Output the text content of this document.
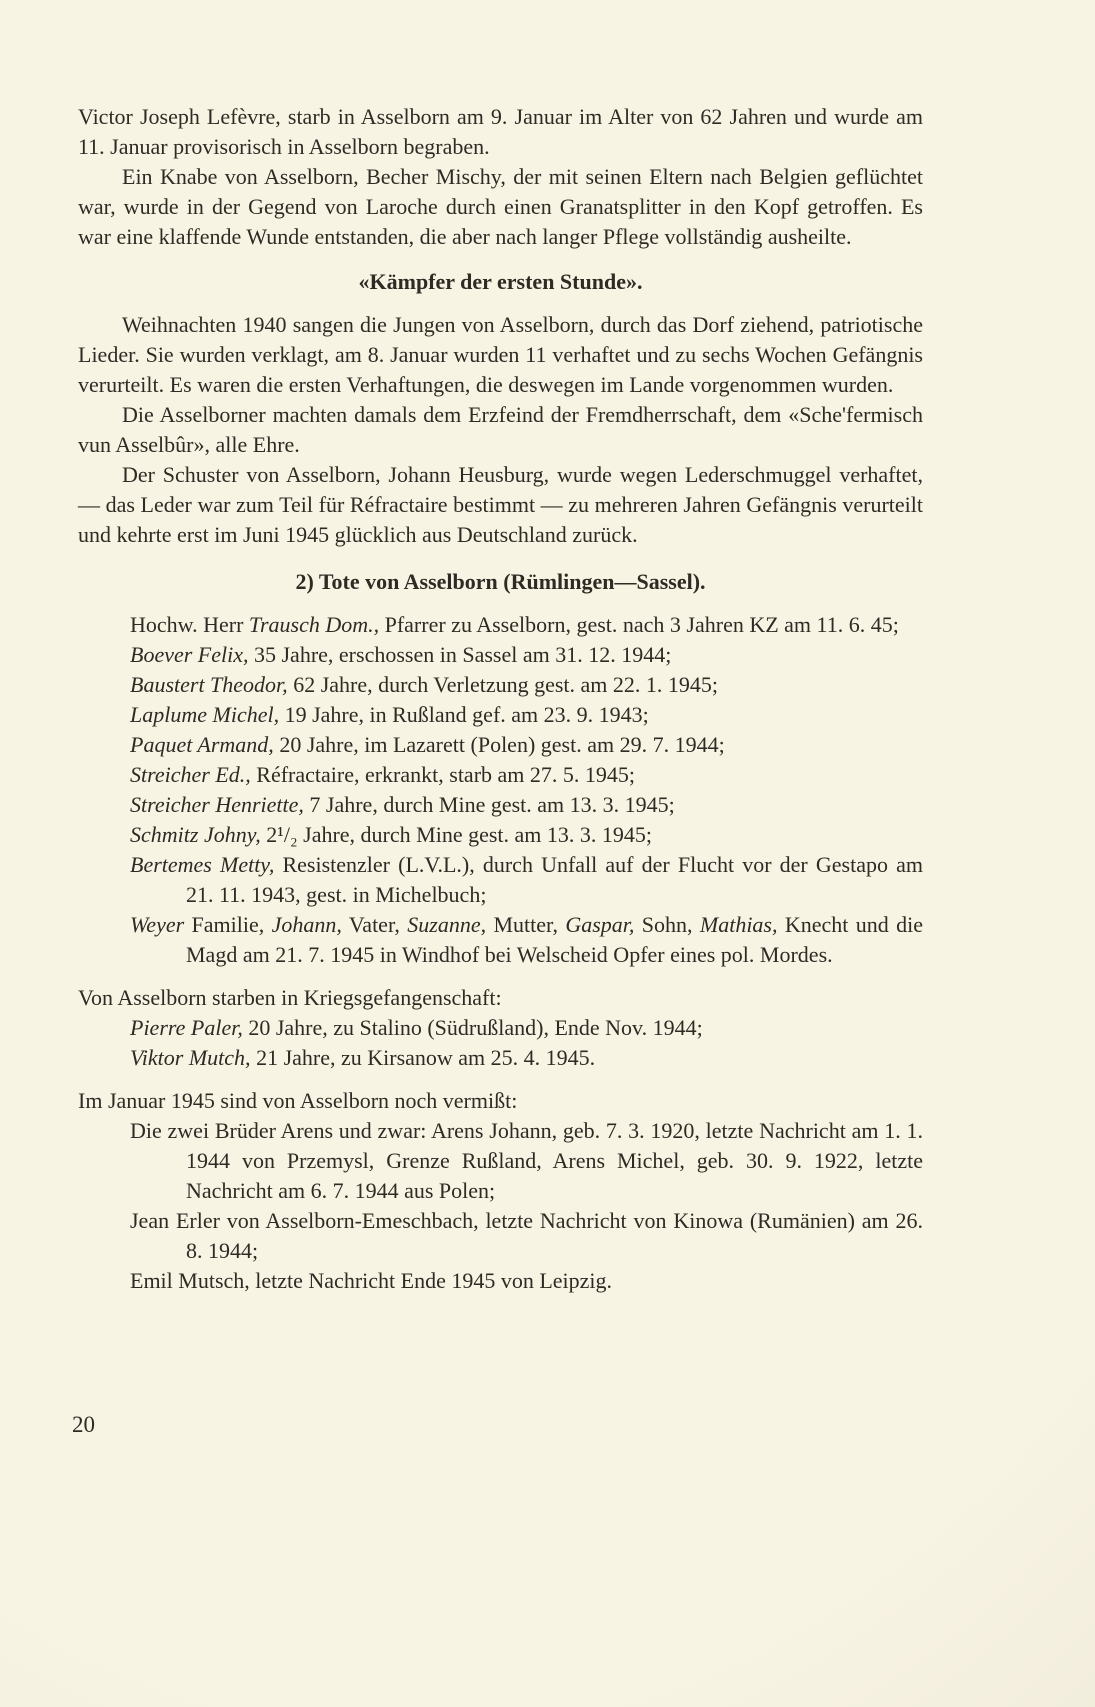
Victor Joseph Lefèvre, starb in Asselborn am 9. Januar im Alter von 62 Jahren und wurde am 11. Januar provisorisch in Asselborn begraben.

Ein Knabe von Asselborn, Becher Mischy, der mit seinen Eltern nach Belgien geflüchtet war, wurde in der Gegend von Laroche durch einen Granatsplitter in den Kopf getroffen. Es war eine klaffende Wunde entstanden, die aber nach langer Pflege vollständig ausheilte.

«Kämpfer der ersten Stunde».

Weihnachten 1940 sangen die Jungen von Asselborn, durch das Dorf ziehend, patriotische Lieder. Sie wurden verklagt, am 8. Januar wurden 11 verhaftet und zu sechs Wochen Gefängnis verurteilt. Es waren die ersten Verhaftungen, die deswegen im Lande vorgenommen wurden.

Die Asselborner machten damals dem Erzfeind der Fremdherrschaft, dem «Sche'fermisch vun Asselbûr», alle Ehre.

Der Schuster von Asselborn, Johann Heusburg, wurde wegen Lederschmuggel verhaftet, — das Leder war zum Teil für Réfractaire bestimmt — zu mehreren Jahren Gefängnis verurteilt und kehrte erst im Juni 1945 glücklich aus Deutschland zurück.

2) Tote von Asselborn (Rümlingen—Sassel).

Hochw. Herr Trausch Dom., Pfarrer zu Asselborn, gest. nach 3 Jahren KZ am 11. 6. 45;

Boever Felix, 35 Jahre, erschossen in Sassel am 31. 12. 1944;

Baustert Theodor, 62 Jahre, durch Verletzung gest. am 22. 1. 1945;

Laplume Michel, 19 Jahre, in Rußland gef. am 23. 9. 1943;

Paquet Armand, 20 Jahre, im Lazarett (Polen) gest. am 29. 7. 1944;

Streicher Ed., Réfractaire, erkrankt, starb am 27. 5. 1945;

Streicher Henriette, 7 Jahre, durch Mine gest. am 13. 3. 1945;

Schmitz Johny, 2¹/₂ Jahre, durch Mine gest. am 13. 3. 1945;

Bertemes Metty, Resistenzler (L.V.L.), durch Unfall auf der Flucht vor der Gestapo am 21. 11. 1943, gest. in Michelbuch;

Weyer Familie, Johann, Vater, Suzanne, Mutter, Gaspar, Sohn, Mathias, Knecht und die Magd am 21. 7. 1945 in Windhof bei Welscheid Opfer eines pol. Mordes.

Von Asselborn starben in Kriegsgefangenschaft:

Pierre Paler, 20 Jahre, zu Stalino (Südrußland), Ende Nov. 1944;

Viktor Mutch, 21 Jahre, zu Kirsanow am 25. 4. 1945.

Im Januar 1945 sind von Asselborn noch vermißt:

Die zwei Brüder Arens und zwar: Arens Johann, geb. 7. 3. 1920, letzte Nachricht am 1. 1. 1944 von Przemysl, Grenze Rußland, Arens Michel, geb. 30. 9. 1922, letzte Nachricht am 6. 7. 1944 aus Polen;

Jean Erler von Asselborn-Emeschbach, letzte Nachricht von Kinowa (Rumänien) am 26. 8. 1944;

Emil Mutsch, letzte Nachricht Ende 1945 von Leipzig.

20
